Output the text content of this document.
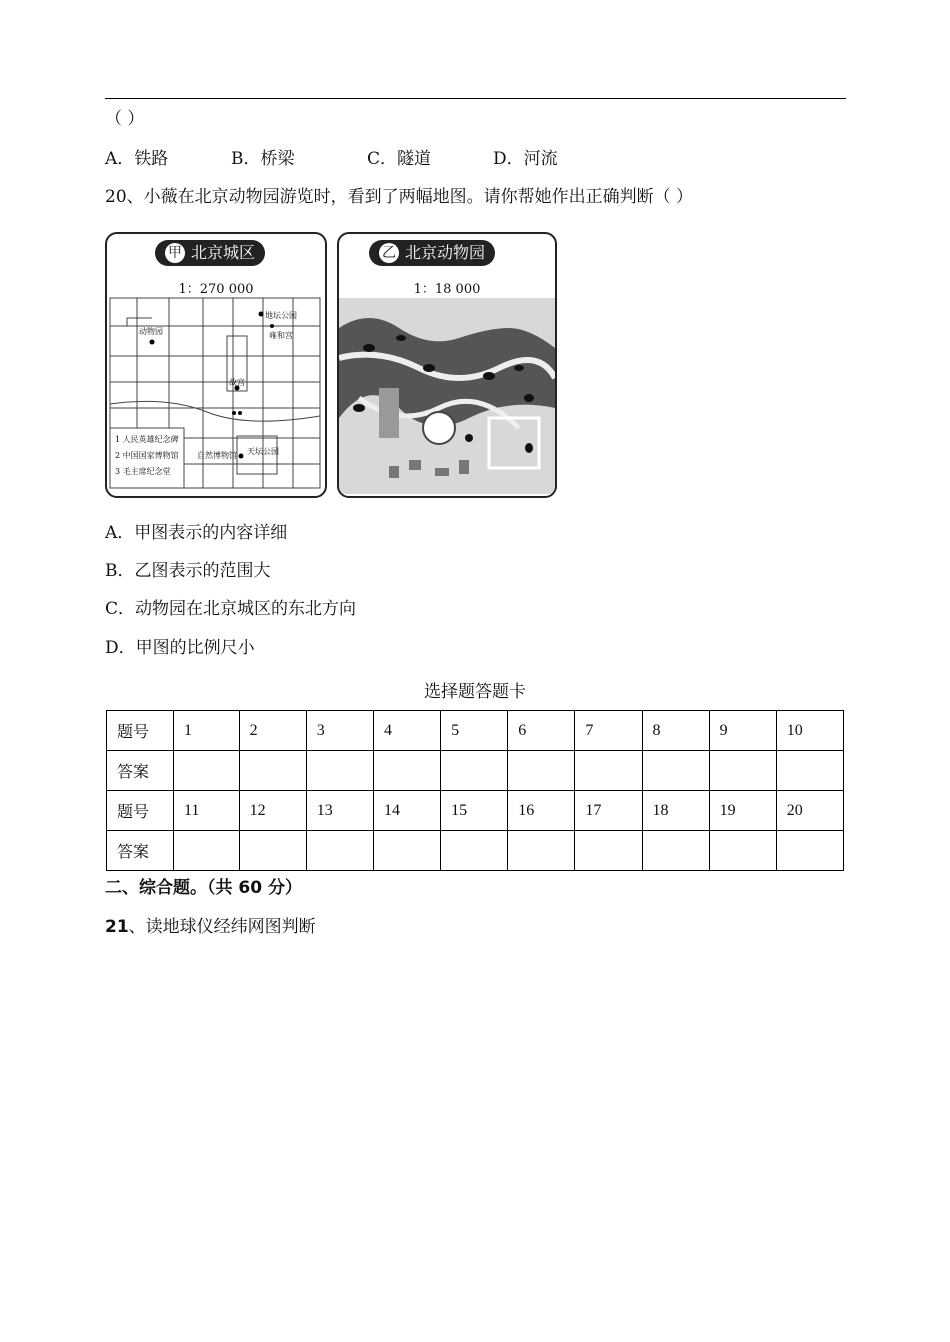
（ ）
A．铁路	B．桥梁	C．隧道	D．河流
20、小薇在北京动物园游览时，看到了两幅地图。请你帮她作出正确判断（ ）
甲 北京城区
1：270 000
动物园
地坛公园
雍和宫
故宫
自然博物馆 天坛公园
1 人民英雄纪念碑
2 中国国家博物馆
3 毛主席纪念堂
乙 北京动物园
1：18 000
A．甲图表示的内容详细
B．乙图表示的范围大
C．动物园在北京城区的东北方向
D．甲图的比例尺小
选择题答题卡
题号	1	2	3	4	5	6	7	8	9	10
答案										
题号	11	12	13	14	15	16	17	18	19	20
答案										
二、综合题。（共 60 分）
21、读地球仪经纬网图判断
